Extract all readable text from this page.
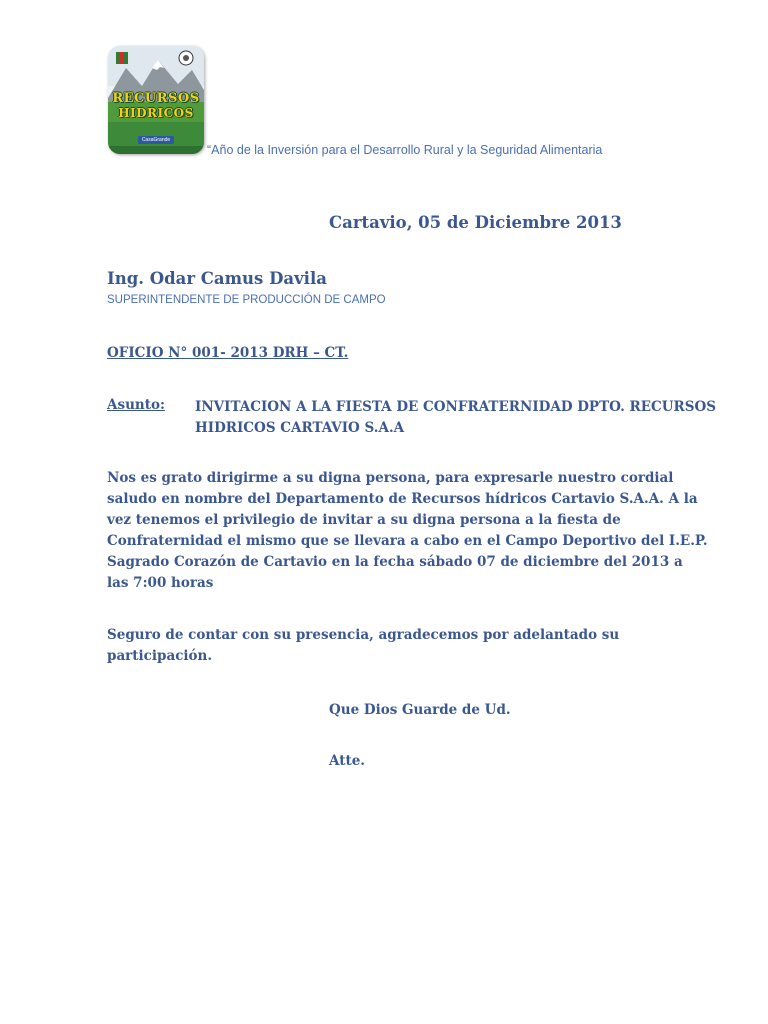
RECURSOS
HIDRICOS
CasaGrande
“Año de la Inversión para el Desarrollo Rural y la Seguridad Alimentaria
Cartavio, 05 de Diciembre 2013
Ing. Odar Camus Davila
SUPERINTENDENTE DE PRODUCCIÓN DE CAMPO
OFICIO N° 001- 2013 DRH – CT.
Asunto: INVITACION A LA FIESTA DE CONFRATERNIDAD DPTO. RECURSOS
HIDRICOS CARTAVIO S.A.A
Nos es grato dirigirme a su digna persona, para expresarle nuestro cordial
saludo en nombre del Departamento de Recursos hídricos Cartavio S.A.A. A la
vez tenemos el privilegio de invitar a su digna persona a la fiesta de
Confraternidad el mismo que se llevara a cabo en el Campo Deportivo del I.E.P.
Sagrado Corazón de Cartavio en la fecha sábado 07 de diciembre del 2013 a
las 7:00 horas
Seguro de contar con su presencia, agradecemos por adelantado su
participación.
Que Dios Guarde de Ud.
Atte.
